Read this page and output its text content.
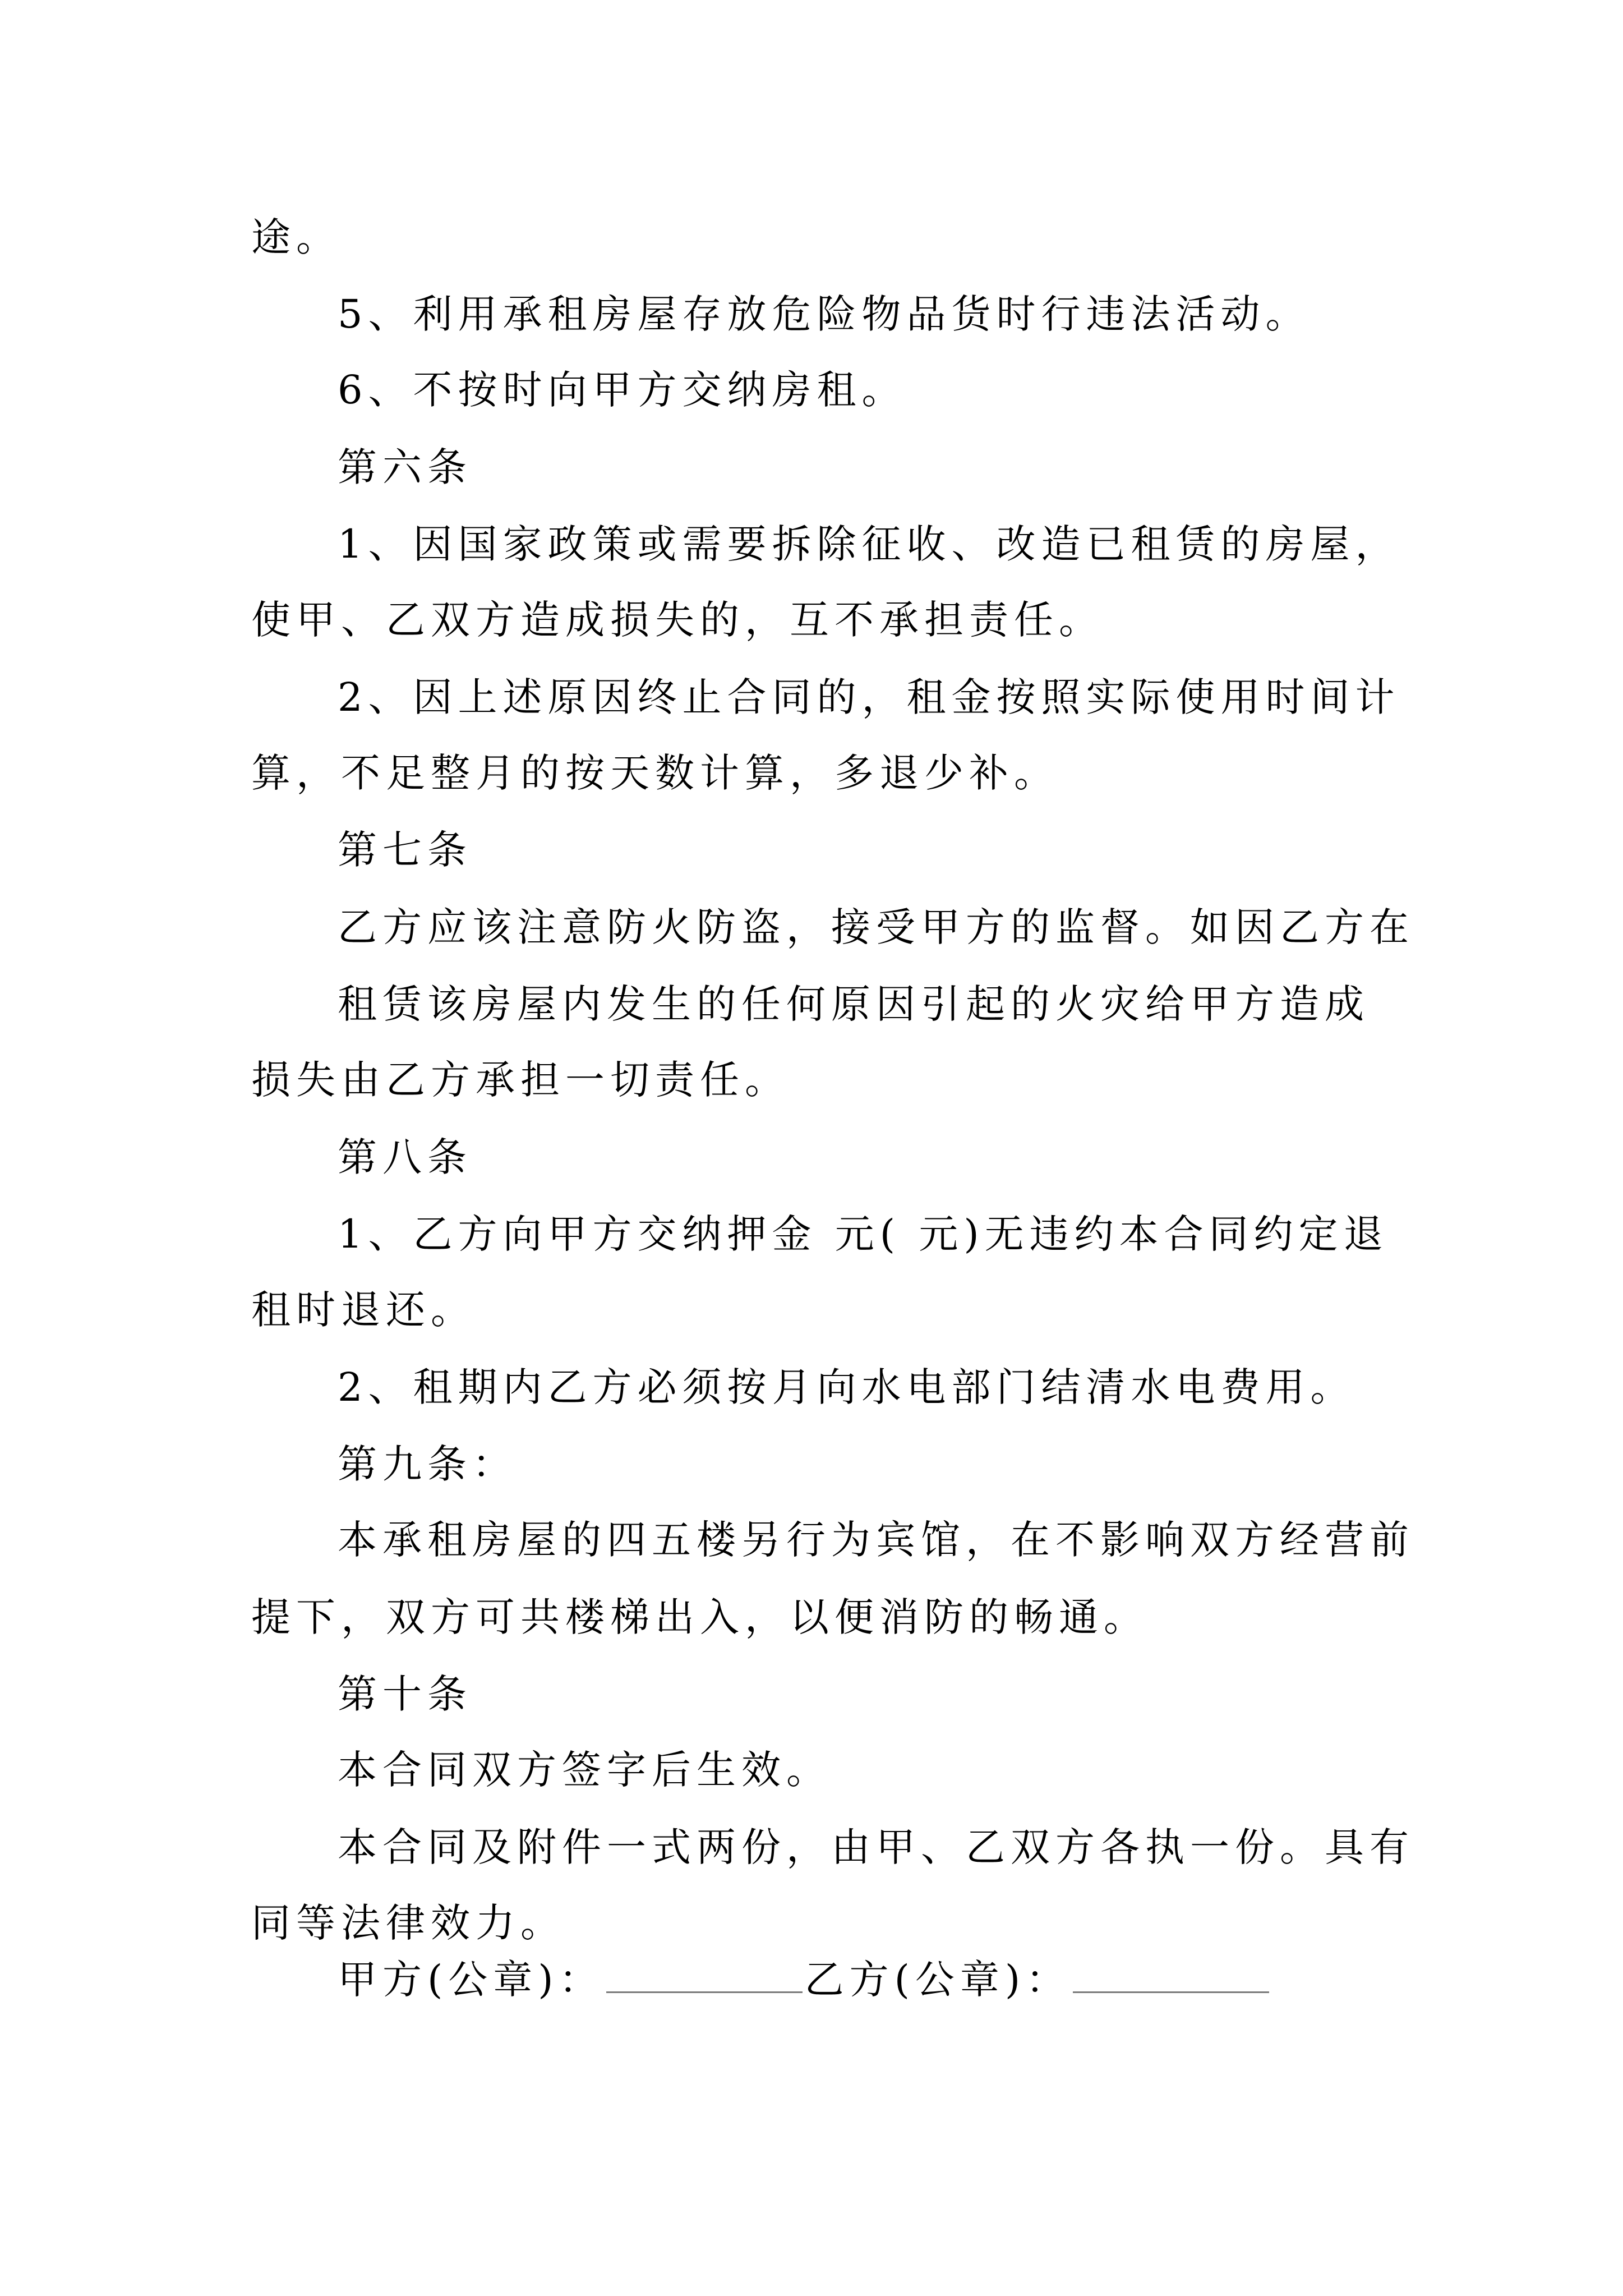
途。
5、利用承租房屋存放危险物品货时行违法活动。
6、不按时向甲方交纳房租。
第六条
1、因国家政策或需要拆除征收、改造已租赁的房屋，
使甲、乙双方造成损失的，互不承担责任。
2、因上述原因终止合同的，租金按照实际使用时间计
算，不足整月的按天数计算，多退少补。
第七条
乙方应该注意防火防盗，接受甲方的监督。如因乙方在
租赁该房屋内发生的任何原因引起的火灾给甲方造成
损失由乙方承担一切责任。
第八条
1、乙方向甲方交纳押金 元( 元)无违约本合同约定退
租时退还。
2、租期内乙方必须按月向水电部门结清水电费用。
第九条：
本承租房屋的四五楼另行为宾馆，在不影响双方经营前
提下，双方可共楼梯出入，以便消防的畅通。
第十条
本合同双方签字后生效。
本合同及附件一式两份，由甲、乙双方各执一份。具有
同等法律效力。
甲方(公章)：	乙方(公章)：
